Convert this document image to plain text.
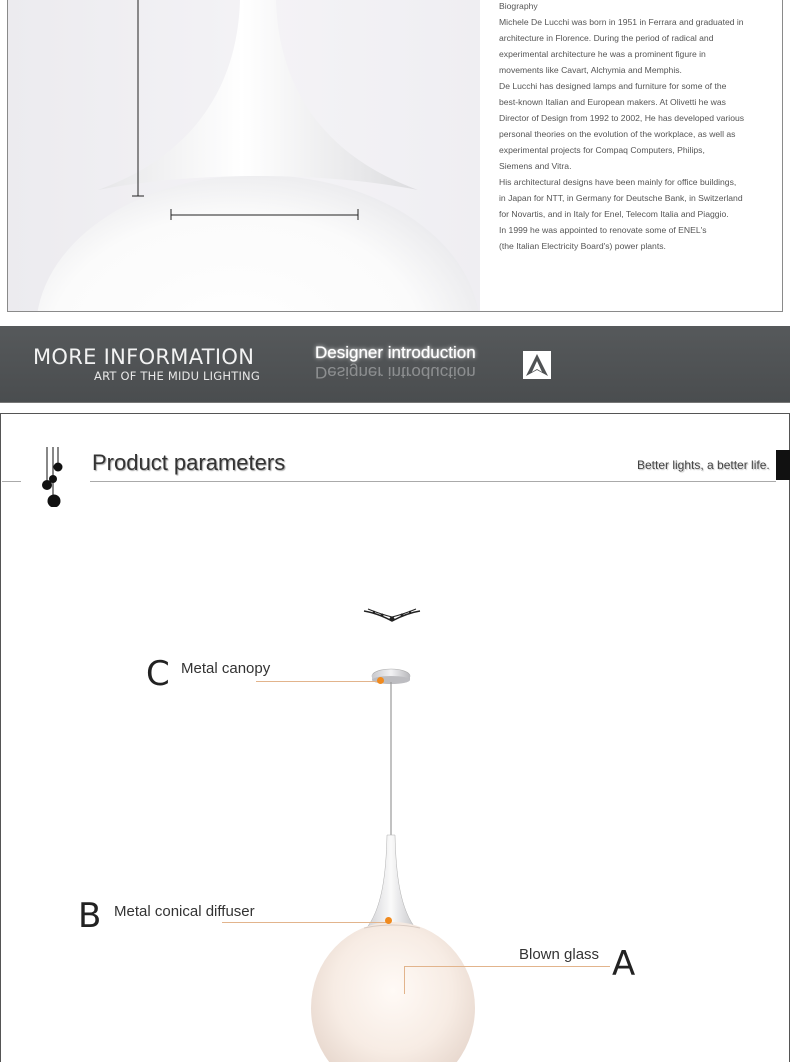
Biography
Michele De Lucchi was born in 1951 in Ferrara and graduated in
architecture in Florence. During the period of radical and
experimental architecture he was a prominent figure in
movements like Cavart, Alchymia and Memphis.
De Lucchi has designed lamps and furniture for some of the
best-known Italian and European makers. At Olivetti he was
Director of Design from 1992 to 2002, He has developed various
personal theories on the evolution of the workplace, as well as
experimental projects for Compaq Computers, Philips,
Siemens and Vitra.
His architectural designs have been mainly for office buildings,
in Japan for NTT, in Germany for Deutsche Bank, in Switzerland
for Novartis, and in Italy for Enel, Telecom Italia and Piaggio.
In 1999 he was appointed to renovate some of ENEL's
(the Italian Electricity Board's) power plants.
MORE INFORMATION
ART OF THE MIDU LIGHTING
Designer introduction
Designer introduction
Product parameters	Better lights, a better life.
C Metal canopy
B Metal conical diffuser
A
Blown glass
